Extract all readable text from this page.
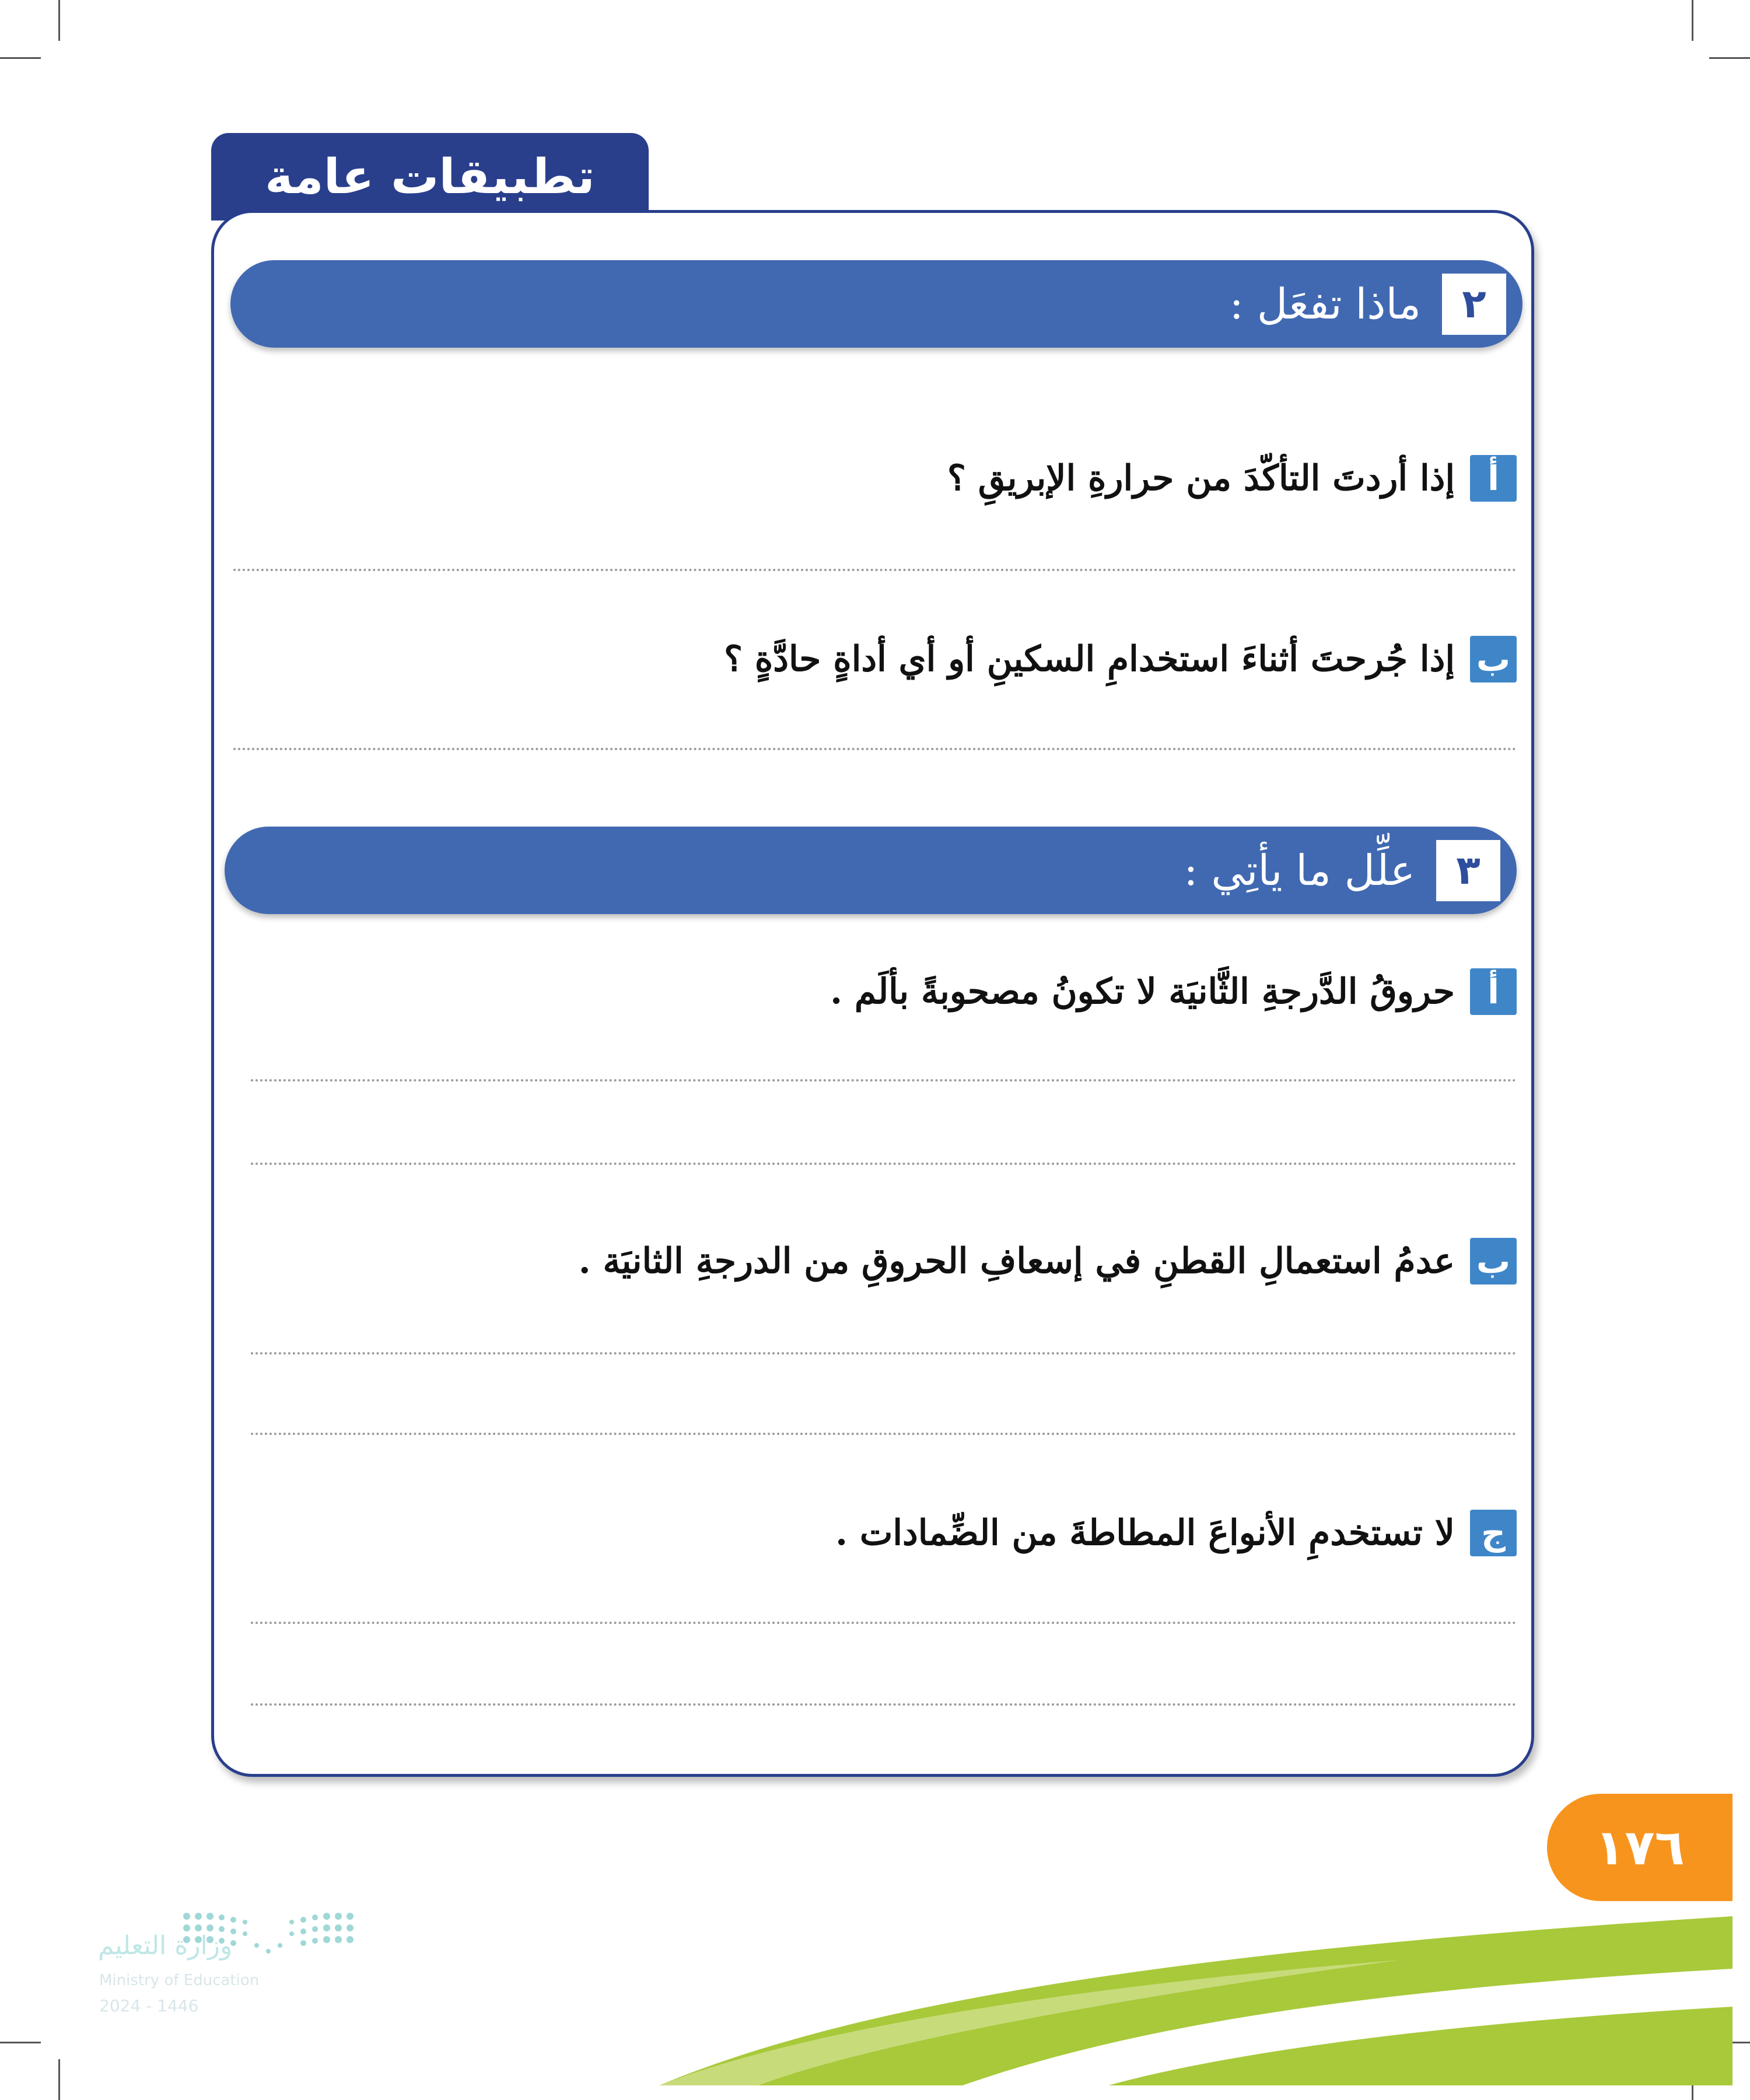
تطبيقات عامة
٢
ماذا تفعَل :
أ
إذا أردتَ التأكّدَ من حرارةِ الإبريقِ ؟
ب
إذا جُرحتَ أثناءَ استخدامِ السكينِ أو أي أداةٍ حادَّةٍ ؟
٣
علِّل ما يأتِي :
أ
حروقُ الدَّرجةِ الثَّانيَة لا تكونُ مصحوبةً بألَم .
ب
عدمُ استعمالِ القطنِ في إسعافِ الحروقِ من الدرجةِ الثانيَة .
ج
لا تستخدمِ الأنواعَ المطاطةَ من الضِّمادات .
١٧٦
وزارة التعليم
Ministry of Education
2024 - 1446
